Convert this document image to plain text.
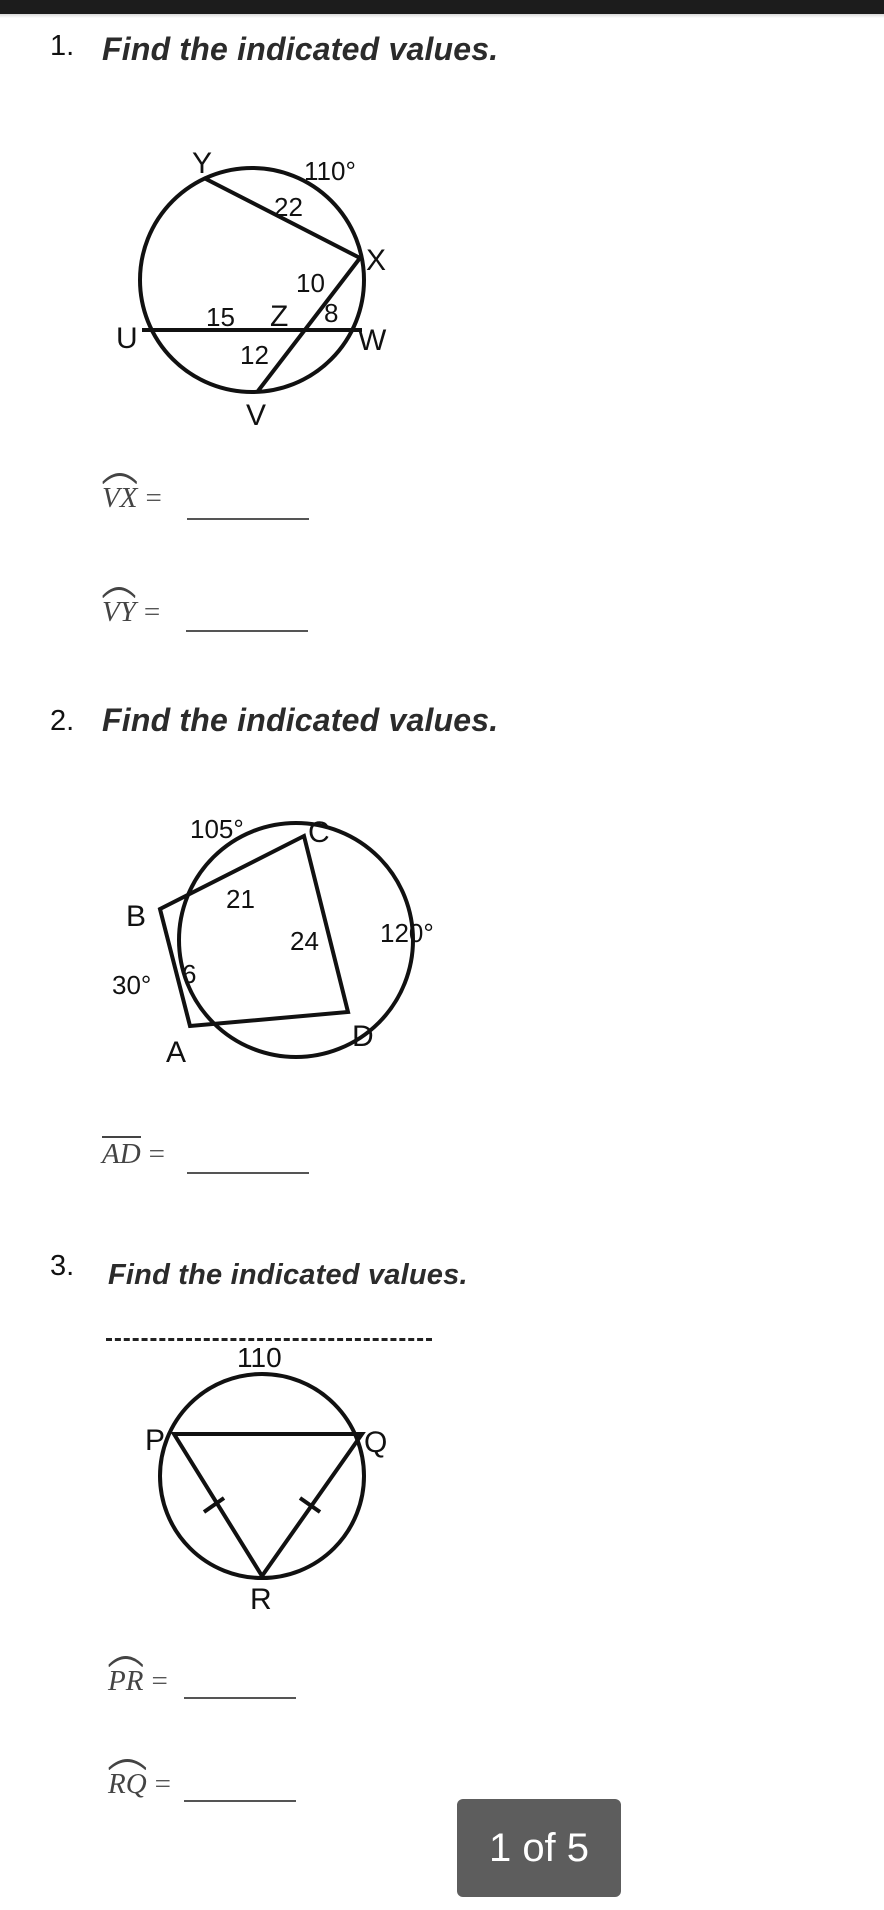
1. Find the indicated values.
Y
X
W
U
V
Z
110°
22
10
8
15
12
VX =
VY =
2. Find the indicated values.
B
C
D
A
105°
120°
30°
21
24
6
AD =
3. Find the indicated values.
P	Q
R
110
PR =
RQ =
1 of 5
